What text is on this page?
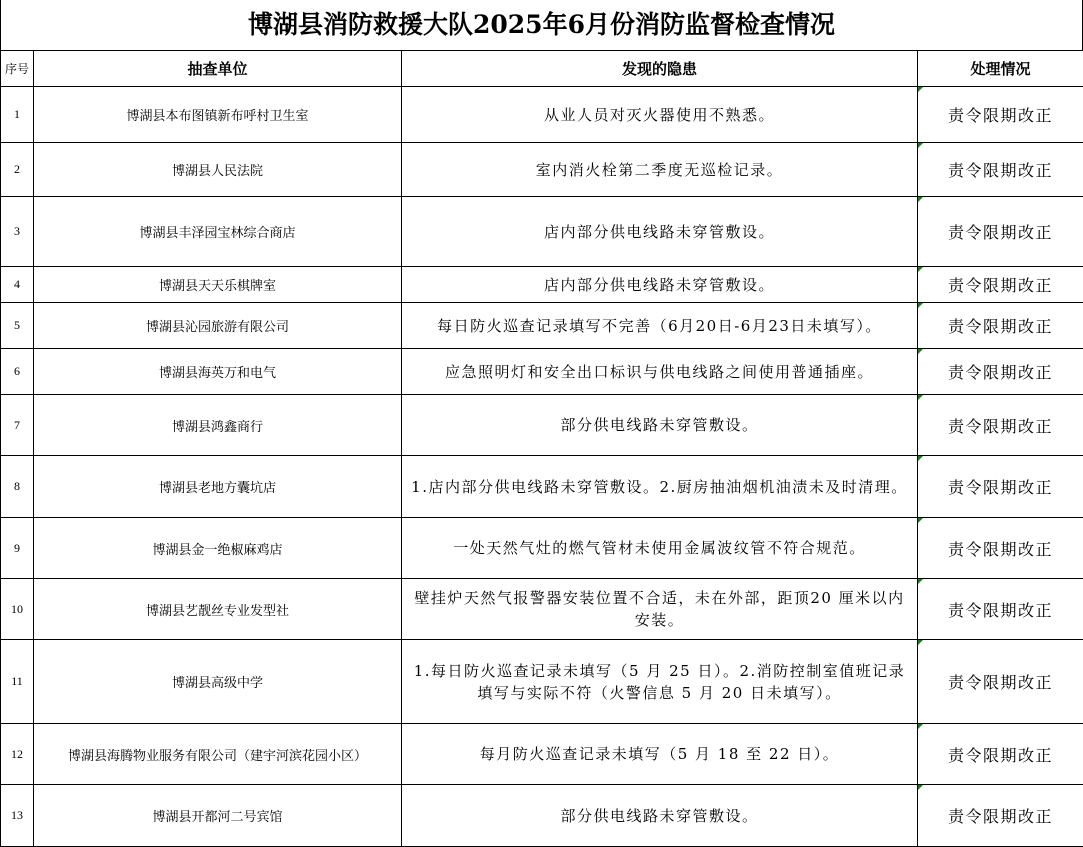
博湖县消防救援大队2025年6月份消防监督检查情况
序号	抽查单位	发现的隐患	处理情况
1	博湖县本布图镇新布呼村卫生室	从业人员对灭火器使用不熟悉。	责令限期改正
2	博湖县人民法院	室内消火栓第二季度无巡检记录。	责令限期改正
3	博湖县丰泽园宝林综合商店	店内部分供电线路未穿管敷设。	责令限期改正
4	博湖县天天乐棋牌室	店内部分供电线路未穿管敷设。	责令限期改正
5	博湖县沁园旅游有限公司	每日防火巡查记录填写不完善（6月20日-6月23日未填写）。	责令限期改正
6	博湖县海英万和电气	应急照明灯和安全出口标识与供电线路之间使用普通插座。	责令限期改正
7	博湖县鸿鑫商行	部分供电线路未穿管敷设。	责令限期改正
8	博湖县老地方囊坑店	1.店内部分供电线路未穿管敷设。2.厨房抽油烟机油渍未及时清理。	责令限期改正
9	博湖县金一绝椒麻鸡店	一处天然气灶的燃气管材未使用金属波纹管不符合规范。	责令限期改正
10	博湖县艺靓丝专业发型社	壁挂炉天然气报警器安装位置不合适，未在外部，距顶20 厘米以内安装。	责令限期改正
11	博湖县高级中学	1.每日防火巡查记录未填写（5 月 25 日）。2.消防控制室值班记录填写与实际不符（火警信息 5 月 20 日未填写）。	责令限期改正
12	博湖县海腾物业服务有限公司（建宇河滨花园小区）	每月防火巡查记录未填写（5 月 18 至 22 日）。	责令限期改正
13	博湖县开都河二号宾馆	部分供电线路未穿管敷设。	责令限期改正
